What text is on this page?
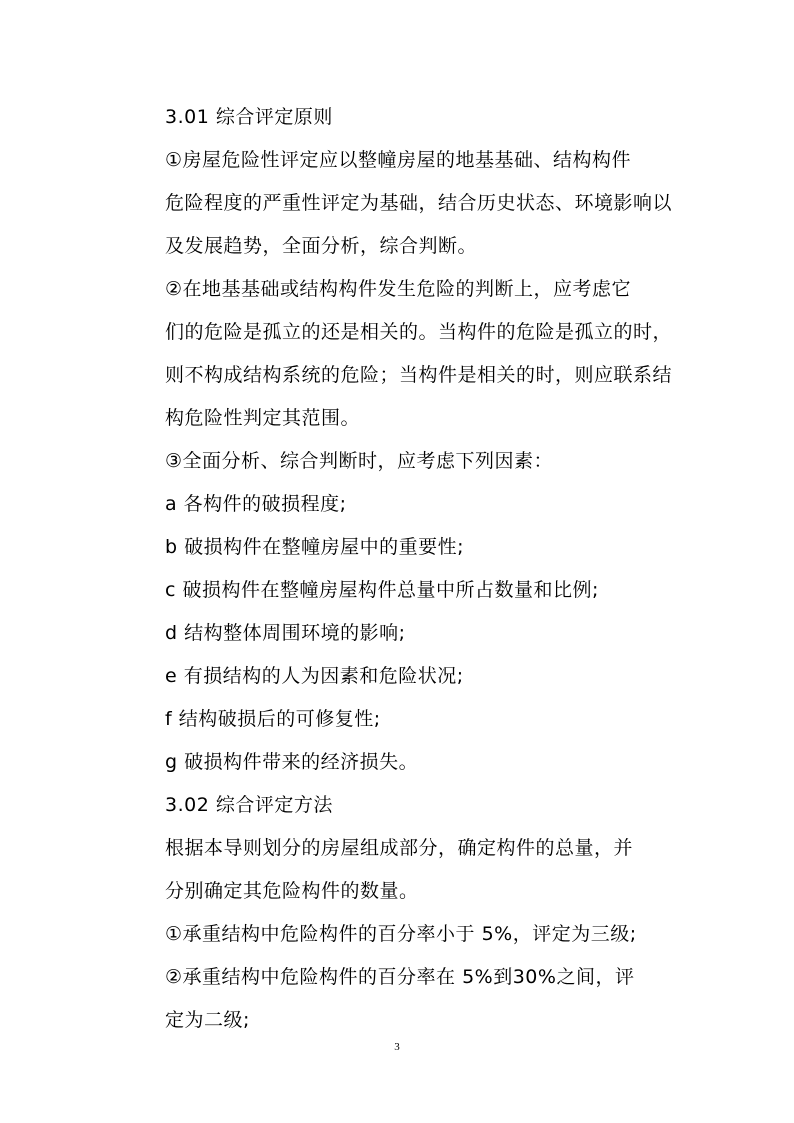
3.01 综合评定原则
①房屋危险性评定应以整幢房屋的地基基础、结构构件
危险程度的严重性评定为基础，结合历史状态、环境影响以
及发展趋势，全面分析，综合判断。
②在地基基础或结构构件发生危险的判断上，应考虑它
们的危险是孤立的还是相关的。当构件的危险是孤立的时，
则不构成结构系统的危险；当构件是相关的时，则应联系结
构危险性判定其范围。
③全面分析、综合判断时，应考虑下列因素：
a 各构件的破损程度;
b 破损构件在整幢房屋中的重要性;
c 破损构件在整幢房屋构件总量中所占数量和比例;
d 结构整体周围环境的影响;
e 有损结构的人为因素和危险状况;
f 结构破损后的可修复性;
g 破损构件带来的经济损失。
3.02 综合评定方法
根据本导则划分的房屋组成部分，确定构件的总量，并
分别确定其危险构件的数量。
①承重结构中危险构件的百分率小于 5%，评定为三级;
②承重结构中危险构件的百分率在 5%到30%之间，评
定为二级;
3
